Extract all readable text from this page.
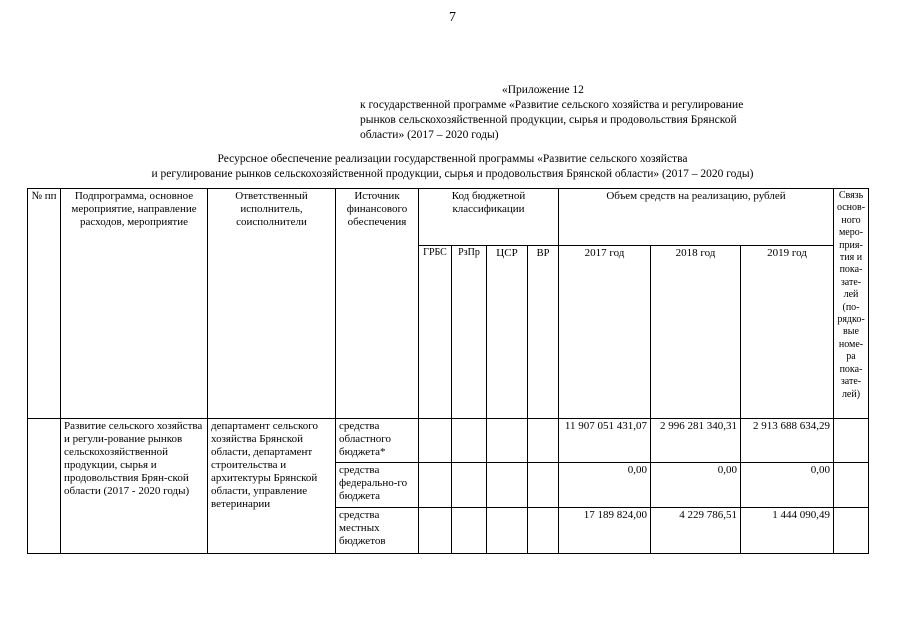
7
«Приложение 12
к государственной программе «Развитие сельского хозяйства и регулирование
рынков сельскохозяйственной продукции, сырья и продовольствия Брянской
области» (2017 – 2020 годы)
Ресурсное обеспечение реализации государственной программы «Развитие сельского хозяйства
и регулирование рынков сельскохозяйственной продукции, сырья и продовольствия Брянской области» (2017 – 2020 годы)
№ пп	Подпрограмма, основное мероприятие, направление расходов, мероприятие	Ответственный исполнитель, соисполнители	Источник финансового обеспечения	Код бюджетной классификации				Объем средств на реализацию, рублей			Связь основ-ного меро-прия-тия и пока-зате-лей (по-рядко-вые номе-ра пока-зате-лей)
				ГРБС	РзПр	ЦСР	ВР	2017 год	2018 год	2019 год	
	Развитие сельского хозяйства и регули-рование рынков сельскохозяйственной продукции, сырья и продовольствия Брян-ской области (2017 - 2020 годы)	департамент сельского хозяйства Брянской области, департамент строительства и архитектуры Брянской области, управление ветеринарии	средства областного бюджета*					11 907 051 431,07	2 996 281 340,31	2 913 688 634,29	
			средства федерально-го бюджета					0,00	0,00	0,00	
			средства местных бюджетов					17 189 824,00	4 229 786,51	1 444 090,49	
